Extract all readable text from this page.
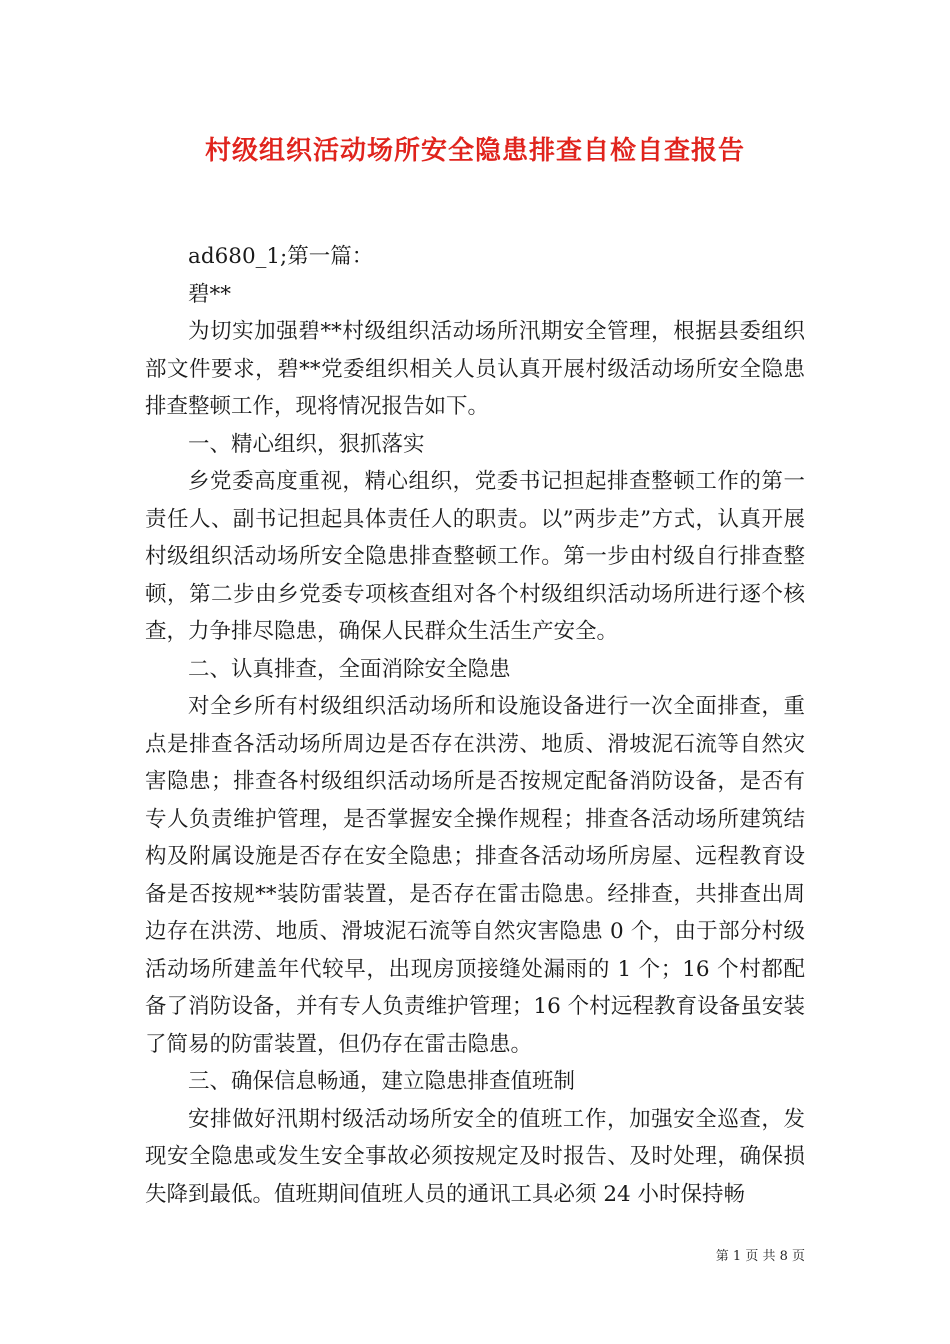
村级组织活动场所安全隐患排查自检自查报告

ad680_1;第一篇：

碧**

为切实加强碧**村级组织活动场所汛期安全管理，根据县委组织部文件要求，碧**党委组织相关人员认真开展村级活动场所安全隐患排查整顿工作，现将情况报告如下。

一、精心组织，狠抓落实

乡党委高度重视，精心组织，党委书记担起排查整顿工作的第一责任人、副书记担起具体责任人的职责。以”两步走”方式，认真开展村级组织活动场所安全隐患排查整顿工作。第一步由村级自行排查整顿，第二步由乡党委专项核查组对各个村级组织活动场所进行逐个核查，力争排尽隐患，确保人民群众生活生产安全。

二、认真排查，全面消除安全隐患

对全乡所有村级组织活动场所和设施设备进行一次全面排查，重点是排查各活动场所周边是否存在洪涝、地质、滑坡泥石流等自然灾害隐患；排查各村级组织活动场所是否按规定配备消防设备，是否有专人负责维护管理，是否掌握安全操作规程；排查各活动场所建筑结构及附属设施是否存在安全隐患；排查各活动场所房屋、远程教育设备是否按规**装防雷装置，是否存在雷击隐患。经排查，共排查出周边存在洪涝、地质、滑坡泥石流等自然灾害隐患 0 个，由于部分村级活动场所建盖年代较早，出现房顶接缝处漏雨的 1 个；16 个村都配备了消防设备，并有专人负责维护管理；16 个村远程教育设备虽安装了简易的防雷装置，但仍存在雷击隐患。

三、确保信息畅通，建立隐患排查值班制

安排做好汛期村级活动场所安全的值班工作，加强安全巡查，发现安全隐患或发生安全事故必须按规定及时报告、及时处理，确保损失降到最低。值班期间值班人员的通讯工具必须 24 小时保持畅

第 1 页 共 8 页
